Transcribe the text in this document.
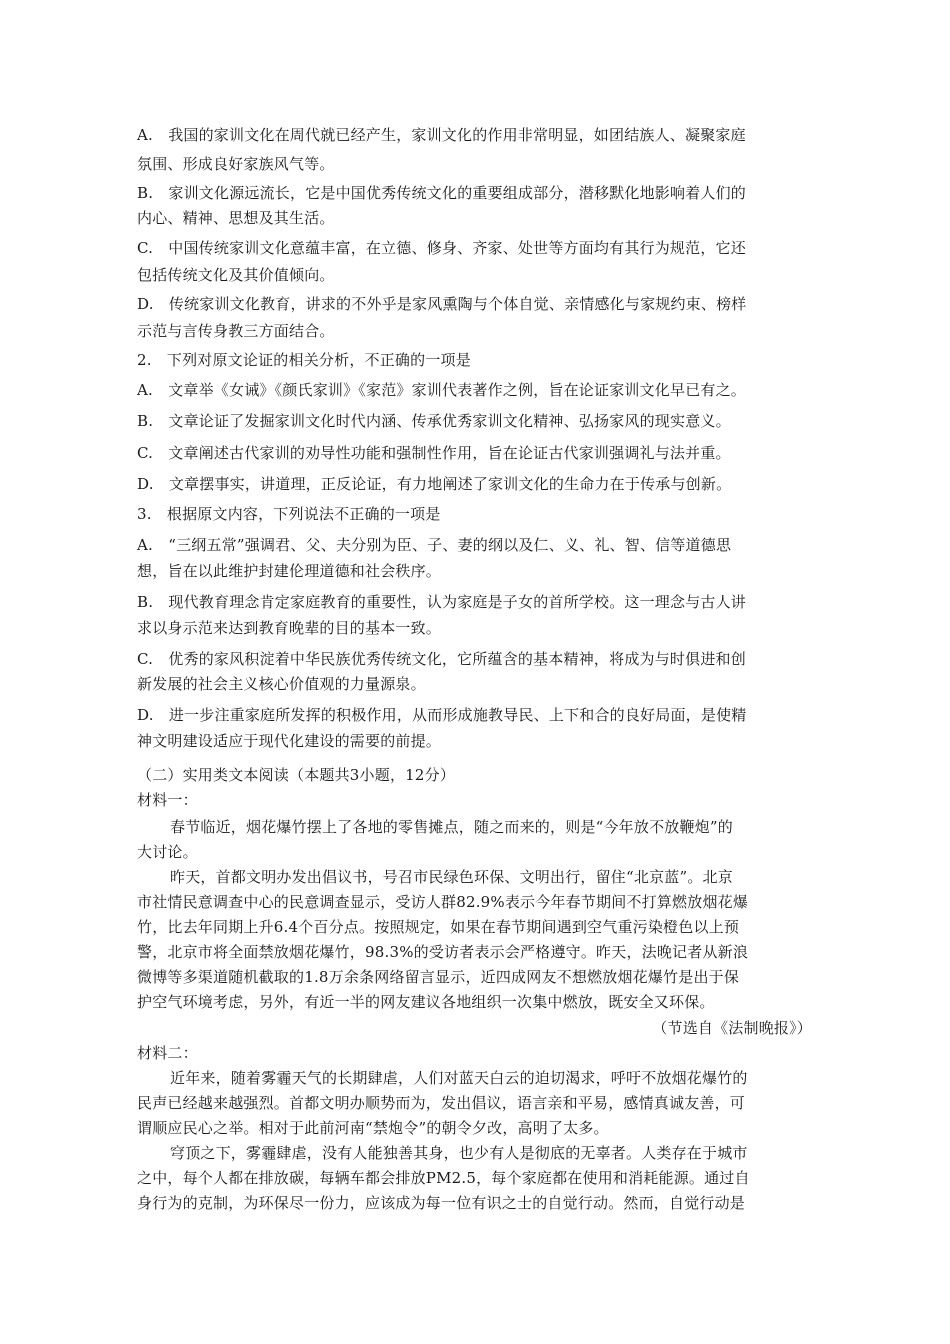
A.　我国的家训文化在周代就已经产生，家训文化的作用非常明显，如团结族人、凝聚家庭
氛围、形成良好家族风气等。
B.　家训文化源远流长，它是中国优秀传统文化的重要组成部分，潜移默化地影响着人们的
内心、精神、思想及其生活。
C.　中国传统家训文化意蕴丰富，在立德、修身、齐家、处世等方面均有其行为规范，它还
包括传统文化及其价值倾向。
D.　传统家训文化教育，讲求的不外乎是家风熏陶与个体自觉、亲情感化与家规约束、榜样
示范与言传身教三方面结合。
2.　下列对原文论证的相关分析，不正确的一项是
A.　文章举《女诫》《颜氏家训》《家范》家训代表著作之例，旨在论证家训文化早已有之。
B.　文章论证了发掘家训文化时代内涵、传承优秀家训文化精神、弘扬家风的现实意义。
C.　文章阐述古代家训的劝导性功能和强制性作用，旨在论证古代家训强调礼与法并重。
D.　文章摆事实，讲道理，正反论证，有力地阐述了家训文化的生命力在于传承与创新。
3.　根据原文内容，下列说法不正确的一项是
A.　“三纲五常”强调君、父、夫分别为臣、子、妻的纲以及仁、义、礼、智、信等道德思
想，旨在以此维护封建伦理道德和社会秩序。
B.　现代教育理念肯定家庭教育的重要性，认为家庭是子女的首所学校。这一理念与古人讲
求以身示范来达到教育晚辈的目的基本一致。
C.　优秀的家风积淀着中华民族优秀传统文化，它所蕴含的基本精神，将成为与时俱进和创
新发展的社会主义核心价值观的力量源泉。
D.　进一步注重家庭所发挥的积极作用，从而形成施教导民、上下和合的良好局面，是使精
神文明建设适应于现代化建设的需要的前提。
（二）实用类文本阅读（本题共3小题，12分）
材料一：
春节临近，烟花爆竹摆上了各地的零售摊点，随之而来的，则是“今年放不放鞭炮”的
大讨论。
昨天，首都文明办发出倡议书，号召市民绿色环保、文明出行，留住“北京蓝”。北京
市社情民意调查中心的民意调查显示，受访人群82.9%表示今年春节期间不打算燃放烟花爆
竹，比去年同期上升6.4个百分点。按照规定，如果在春节期间遇到空气重污染橙色以上预
警，北京市将全面禁放烟花爆竹，98.3%的受访者表示会严格遵守。昨天，法晚记者从新浪
微博等多渠道随机截取的1.8万余条网络留言显示，近四成网友不想燃放烟花爆竹是出于保
护空气环境考虑，另外，有近一半的网友建议各地组织一次集中燃放，既安全又环保。
（节选自《法制晚报》）
材料二：
近年来，随着雾霾天气的长期肆虐，人们对蓝天白云的迫切渴求，呼吁不放烟花爆竹的
民声已经越来越强烈。首都文明办顺势而为，发出倡议，语言亲和平易，感情真诚友善，可
谓顺应民心之举。相对于此前河南“禁炮令”的朝令夕改，高明了太多。
穹顶之下，雾霾肆虐，没有人能独善其身，也少有人是彻底的无辜者。人类存在于城市
之中，每个人都在排放碳，每辆车都会排放PM2.5，每个家庭都在使用和消耗能源。通过自
身行为的克制，为环保尽一份力，应该成为每一位有识之士的自觉行动。然而，自觉行动是
